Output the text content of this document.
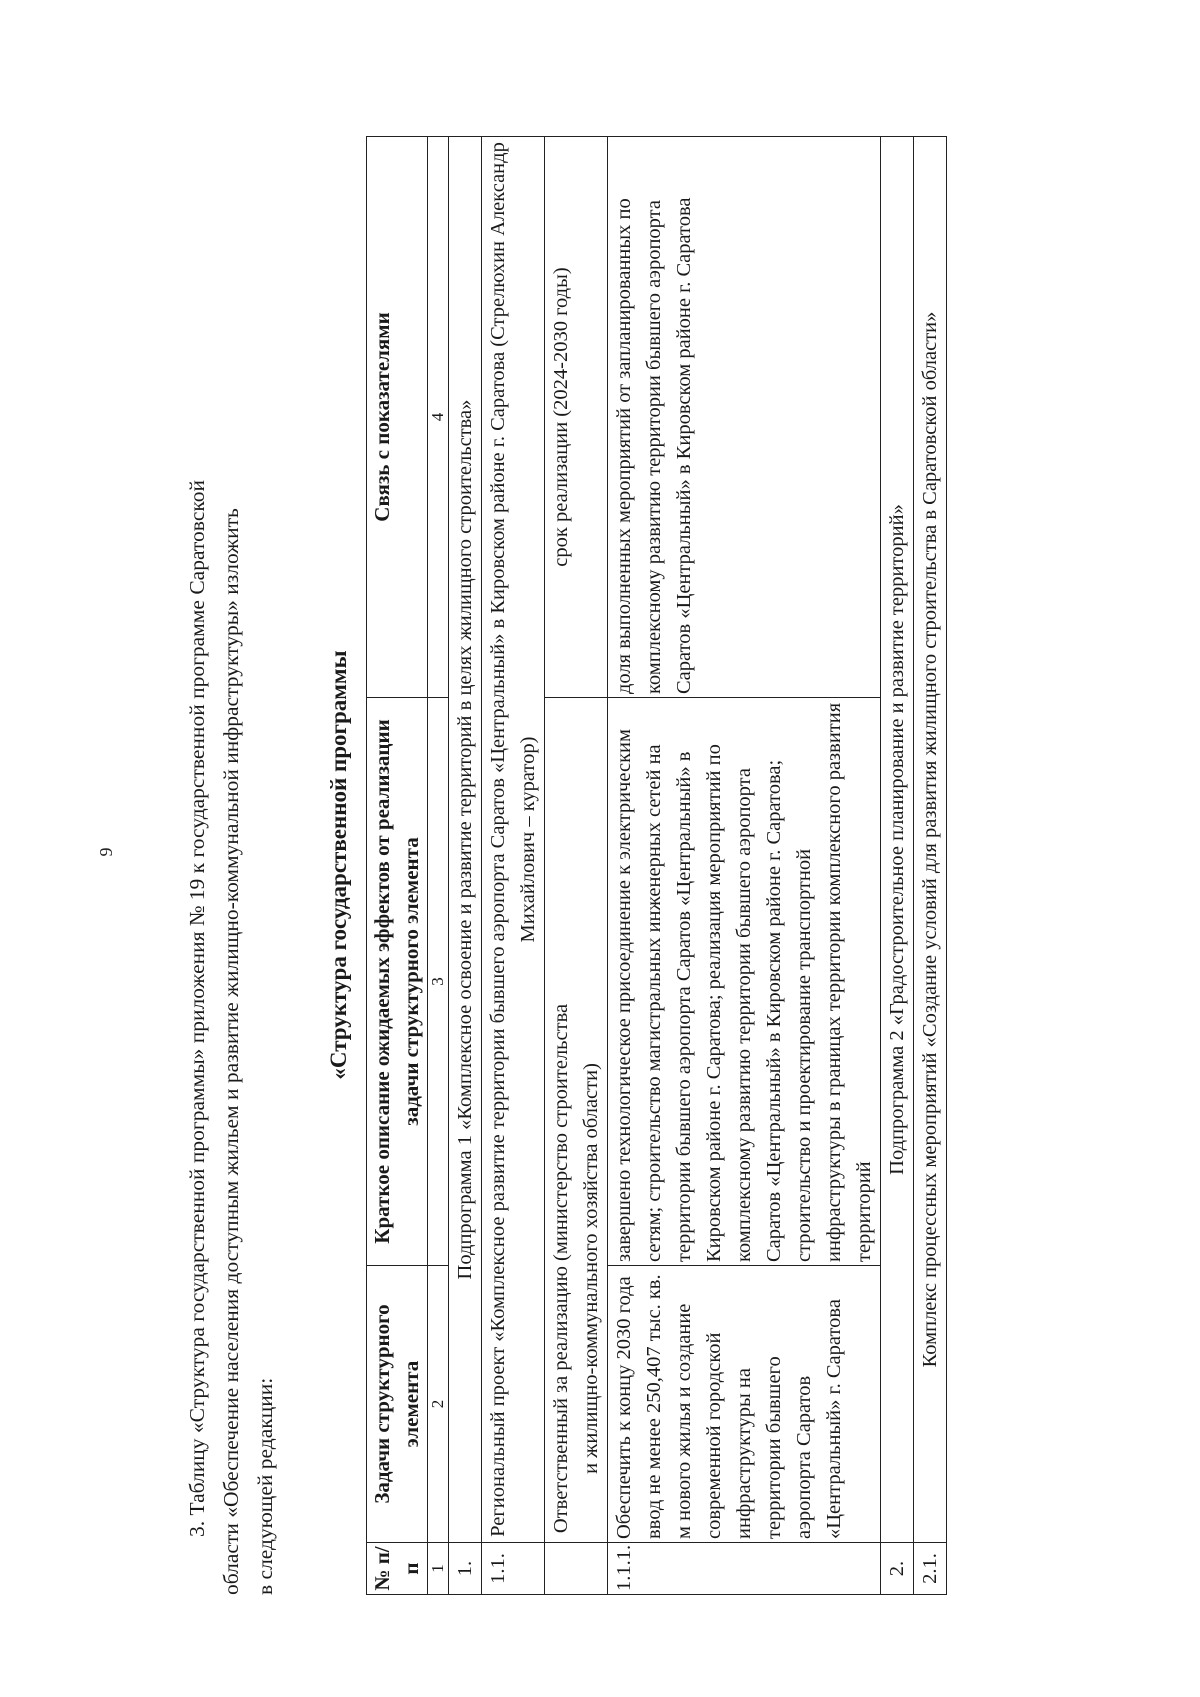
9	3. Таблицу «Структура государственной программы» приложения № 19 к государственной программе Саратовской области «Обеспечение населения доступным жильем и развитие жилищно-коммунальной инфраструктуры» изложить в следующей редакции:

«Структура государственной программы
№ п/п	Задачи структурного элемента	Краткое описание ожидаемых эффектов от реализации задачи структурного элемента	Связь с показателями
1	2	3	4
1.	Подпрограмма 1 «Комплексное освоение и развитие территорий в целях жилищного строительства»		
1.1.	Региональный проект «Комплексное развитие территории бывшего аэропорта Саратов «Центральный» в Кировском районе г. Саратова (Стрелюхин Александр Михайлович – куратор)		
	Ответственный за реализацию (министерство строительства и жилищно-коммунального хозяйства области)		срок реализации (2024-2030 годы)
1.1.1.	Обеспечить к концу 2030 года ввод не менее 250,407 тыс. кв. м нового жилья и создание современной городской инфраструктуры на территории бывшего аэропорта Саратов «Центральный» г. Саратова	завершено технологическое присоединение к электрическим сетям; строительство магистральных инженерных сетей на территории бывшего аэропорта Саратов «Центральный» в Кировском районе г. Саратова; реализация мероприятий по комплексному развитию территории бывшего аэропорта Саратов «Центральный» в Кировском районе г. Саратова; строительство и проектирование транспортной инфраструктуры в границах территории комплексного развития территорий	доля выполненных мероприятий от запланированных по комплексному развитию территории бывшего аэропорта Саратов «Центральный» в Кировском районе г. Саратова
2.	Подпрограмма 2 «Градостроительное планирование и развитие территорий»		
2.1.	Комплекс процессных мероприятий «Создание условий для развития жилищного строительства в Саратовской области»		
